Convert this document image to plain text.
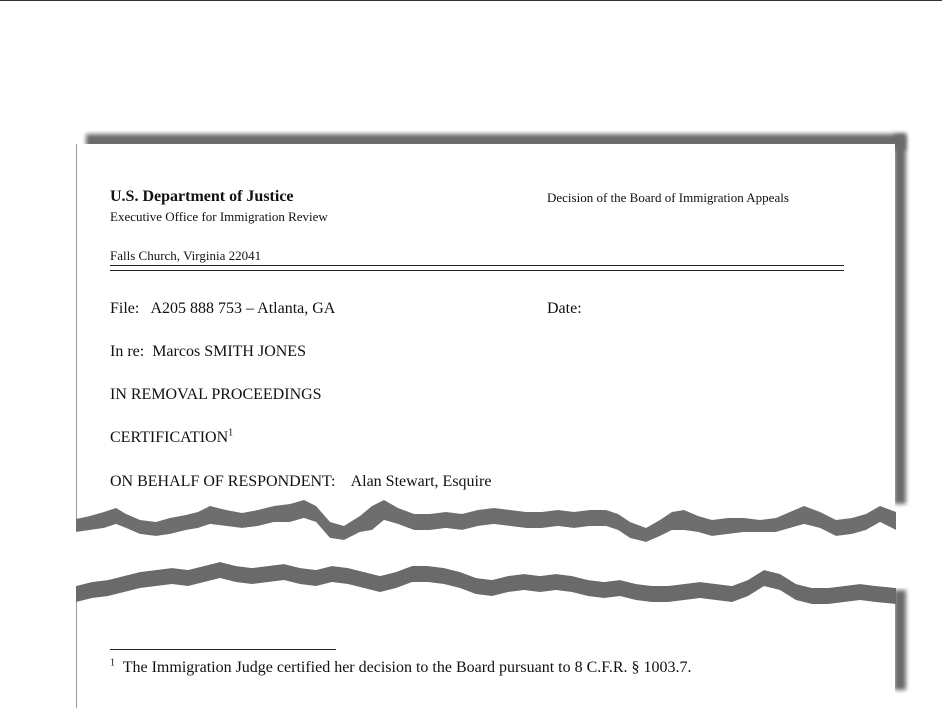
U.S. Department of Justice
Executive Office for Immigration Review
Decision of the Board of Immigration Appeals
Falls Church, Virginia 22041
File: A205 888 753 – Atlanta, GA	Date:
In re: Marcos SMITH JONES
IN REMOVAL PROCEEDINGS
CERTIFICATION$^1$
ON BEHALF OF RESPONDENT: Alan Stewart, Esquire
$^1$ The Immigration Judge certified her decision to the Board pursuant to 8 C.F.R. § 1003.7.
